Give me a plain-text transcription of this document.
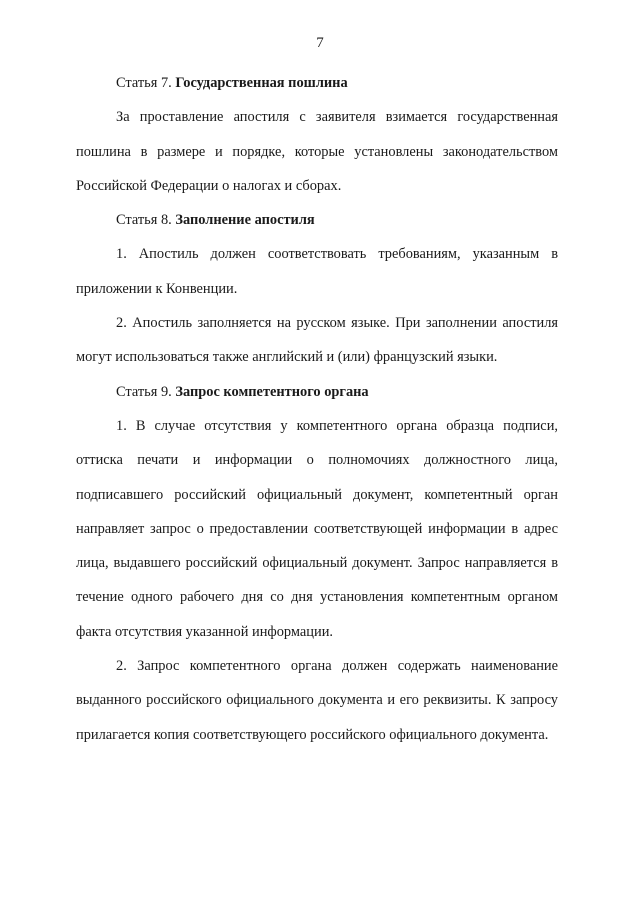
7

Статья 7. Государственная пошлина

За проставление апостиля с заявителя взимается государственная пошлина в размере и порядке, которые установлены законодательством Российской Федерации о налогах и сборах.

Статья 8. Заполнение апостиля

1. Апостиль должен соответствовать требованиям, указанным в приложении к Конвенции.

2. Апостиль заполняется на русском языке. При заполнении апостиля могут использоваться также английский и (или) французский языки.

Статья 9. Запрос компетентного органа

1. В случае отсутствия у компетентного органа образца подписи, оттиска печати и информации о полномочиях должностного лица, подписавшего российский официальный документ, компетентный орган направляет запрос о предоставлении соответствующей информации в адрес лица, выдавшего российский официальный документ. Запрос направляется в течение одного рабочего дня со дня установления компетентным органом факта отсутствия указанной информации.

2. Запрос компетентного органа должен содержать наименование выданного российского официального документа и его реквизиты. К запросу прилагается копия соответствующего российского официального документа.
